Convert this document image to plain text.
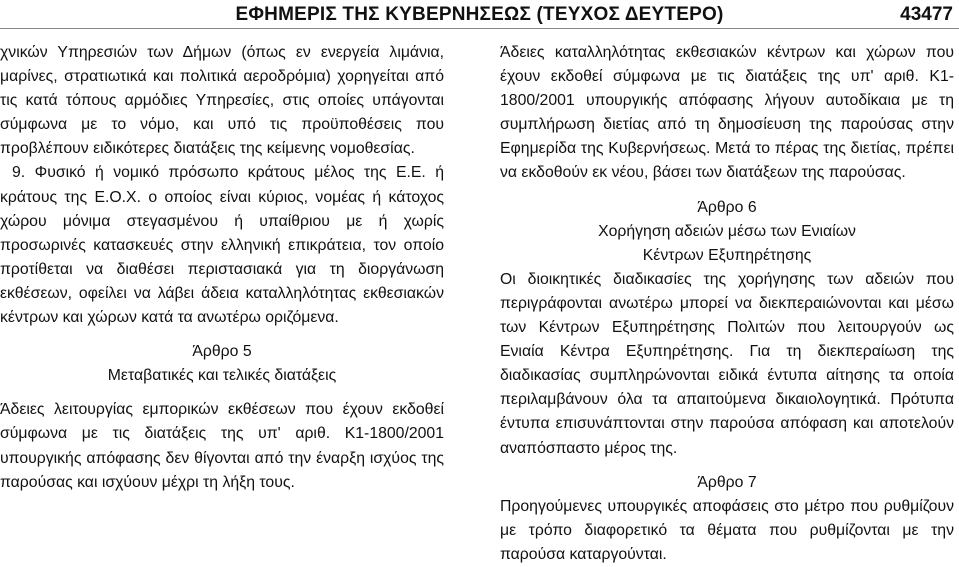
ΕΦΗΜΕΡΙΣ ΤΗΣ ΚΥΒΕΡΝΗΣΕΩΣ (ΤΕΥΧΟΣ ΔΕΥΤΕΡΟ)	43477

χνικών Υπηρεσιών των Δήμων (όπως εν ενεργεία λιμάνια, μαρίνες, στρατιωτικά και πολιτικά αεροδρόμια) χορηγείται από τις κατά τόπους αρμόδιες Υπηρεσίες, στις οποίες υπάγονται σύμφωνα με το νόμο, και υπό τις προϋποθέσεις που προβλέπουν ειδικότερες διατάξεις της κείμενης νομοθεσίας.

9. Φυσικό ή νομικό πρόσωπο κράτους μέλος της Ε.Ε. ή κράτους της Ε.Ο.Χ. ο οποίος είναι κύριος, νομέας ή κάτοχος χώρου μόνιμα στεγασμένου ή υπαίθριου με ή χωρίς προσωρινές κατασκευές στην ελληνική επικράτεια, τον οποίο προτίθεται να διαθέσει περιστασιακά για τη διοργάνωση εκθέσεων, οφείλει να λάβει άδεια καταλληλότητας εκθεσιακών κέντρων και χώρων κατά τα ανωτέρω οριζόμενα.

Άρθρο 5

Μεταβατικές και τελικές διατάξεις

Άδειες λειτουργίας εμπορικών εκθέσεων που έχουν εκδοθεί σύμφωνα με τις διατάξεις της υπ' αριθ. Κ1-1800/2001 υπουργικής απόφασης δεν θίγονται από την έναρξη ισχύος της παρούσας και ισχύουν μέχρι τη λήξη τους.

Άδειες καταλληλότητας εκθεσιακών κέντρων και χώρων που έχουν εκδοθεί σύμφωνα με τις διατάξεις της υπ' αριθ. Κ1-1800/2001 υπουργικής απόφασης λήγουν αυτοδίκαια με τη συμπλήρωση διετίας από τη δημοσίευση της παρούσας στην Εφημερίδα της Κυβερνήσεως. Μετά το πέρας της διετίας, πρέπει να εκδοθούν εκ νέου, βάσει των διατάξεων της παρούσας.

Άρθρο 6

Χορήγηση αδειών μέσω των Ενιαίων

Κέντρων Εξυπηρέτησης

Οι διοικητικές διαδικασίες της χορήγησης των αδειών που περιγράφονται ανωτέρω μπορεί να διεκπεραιώνονται και μέσω των Κέντρων Εξυπηρέτησης Πολιτών που λειτουργούν ως Ενιαία Κέντρα Εξυπηρέτησης. Για τη διεκπεραίωση της διαδικασίας συμπληρώνονται ειδικά έντυπα αίτησης τα οποία περιλαμβάνουν όλα τα απαιτούμενα δικαιολογητικά. Πρότυπα έντυπα επισυνάπτονται στην παρούσα απόφαση και αποτελούν αναπόσπαστο μέρος της.

Άρθρο 7

Προηγούμενες υπουργικές αποφάσεις στο μέτρο που ρυθμίζουν με τρόπο διαφορετικό τα θέματα που ρυθμίζονται με την παρούσα καταργούνται.
